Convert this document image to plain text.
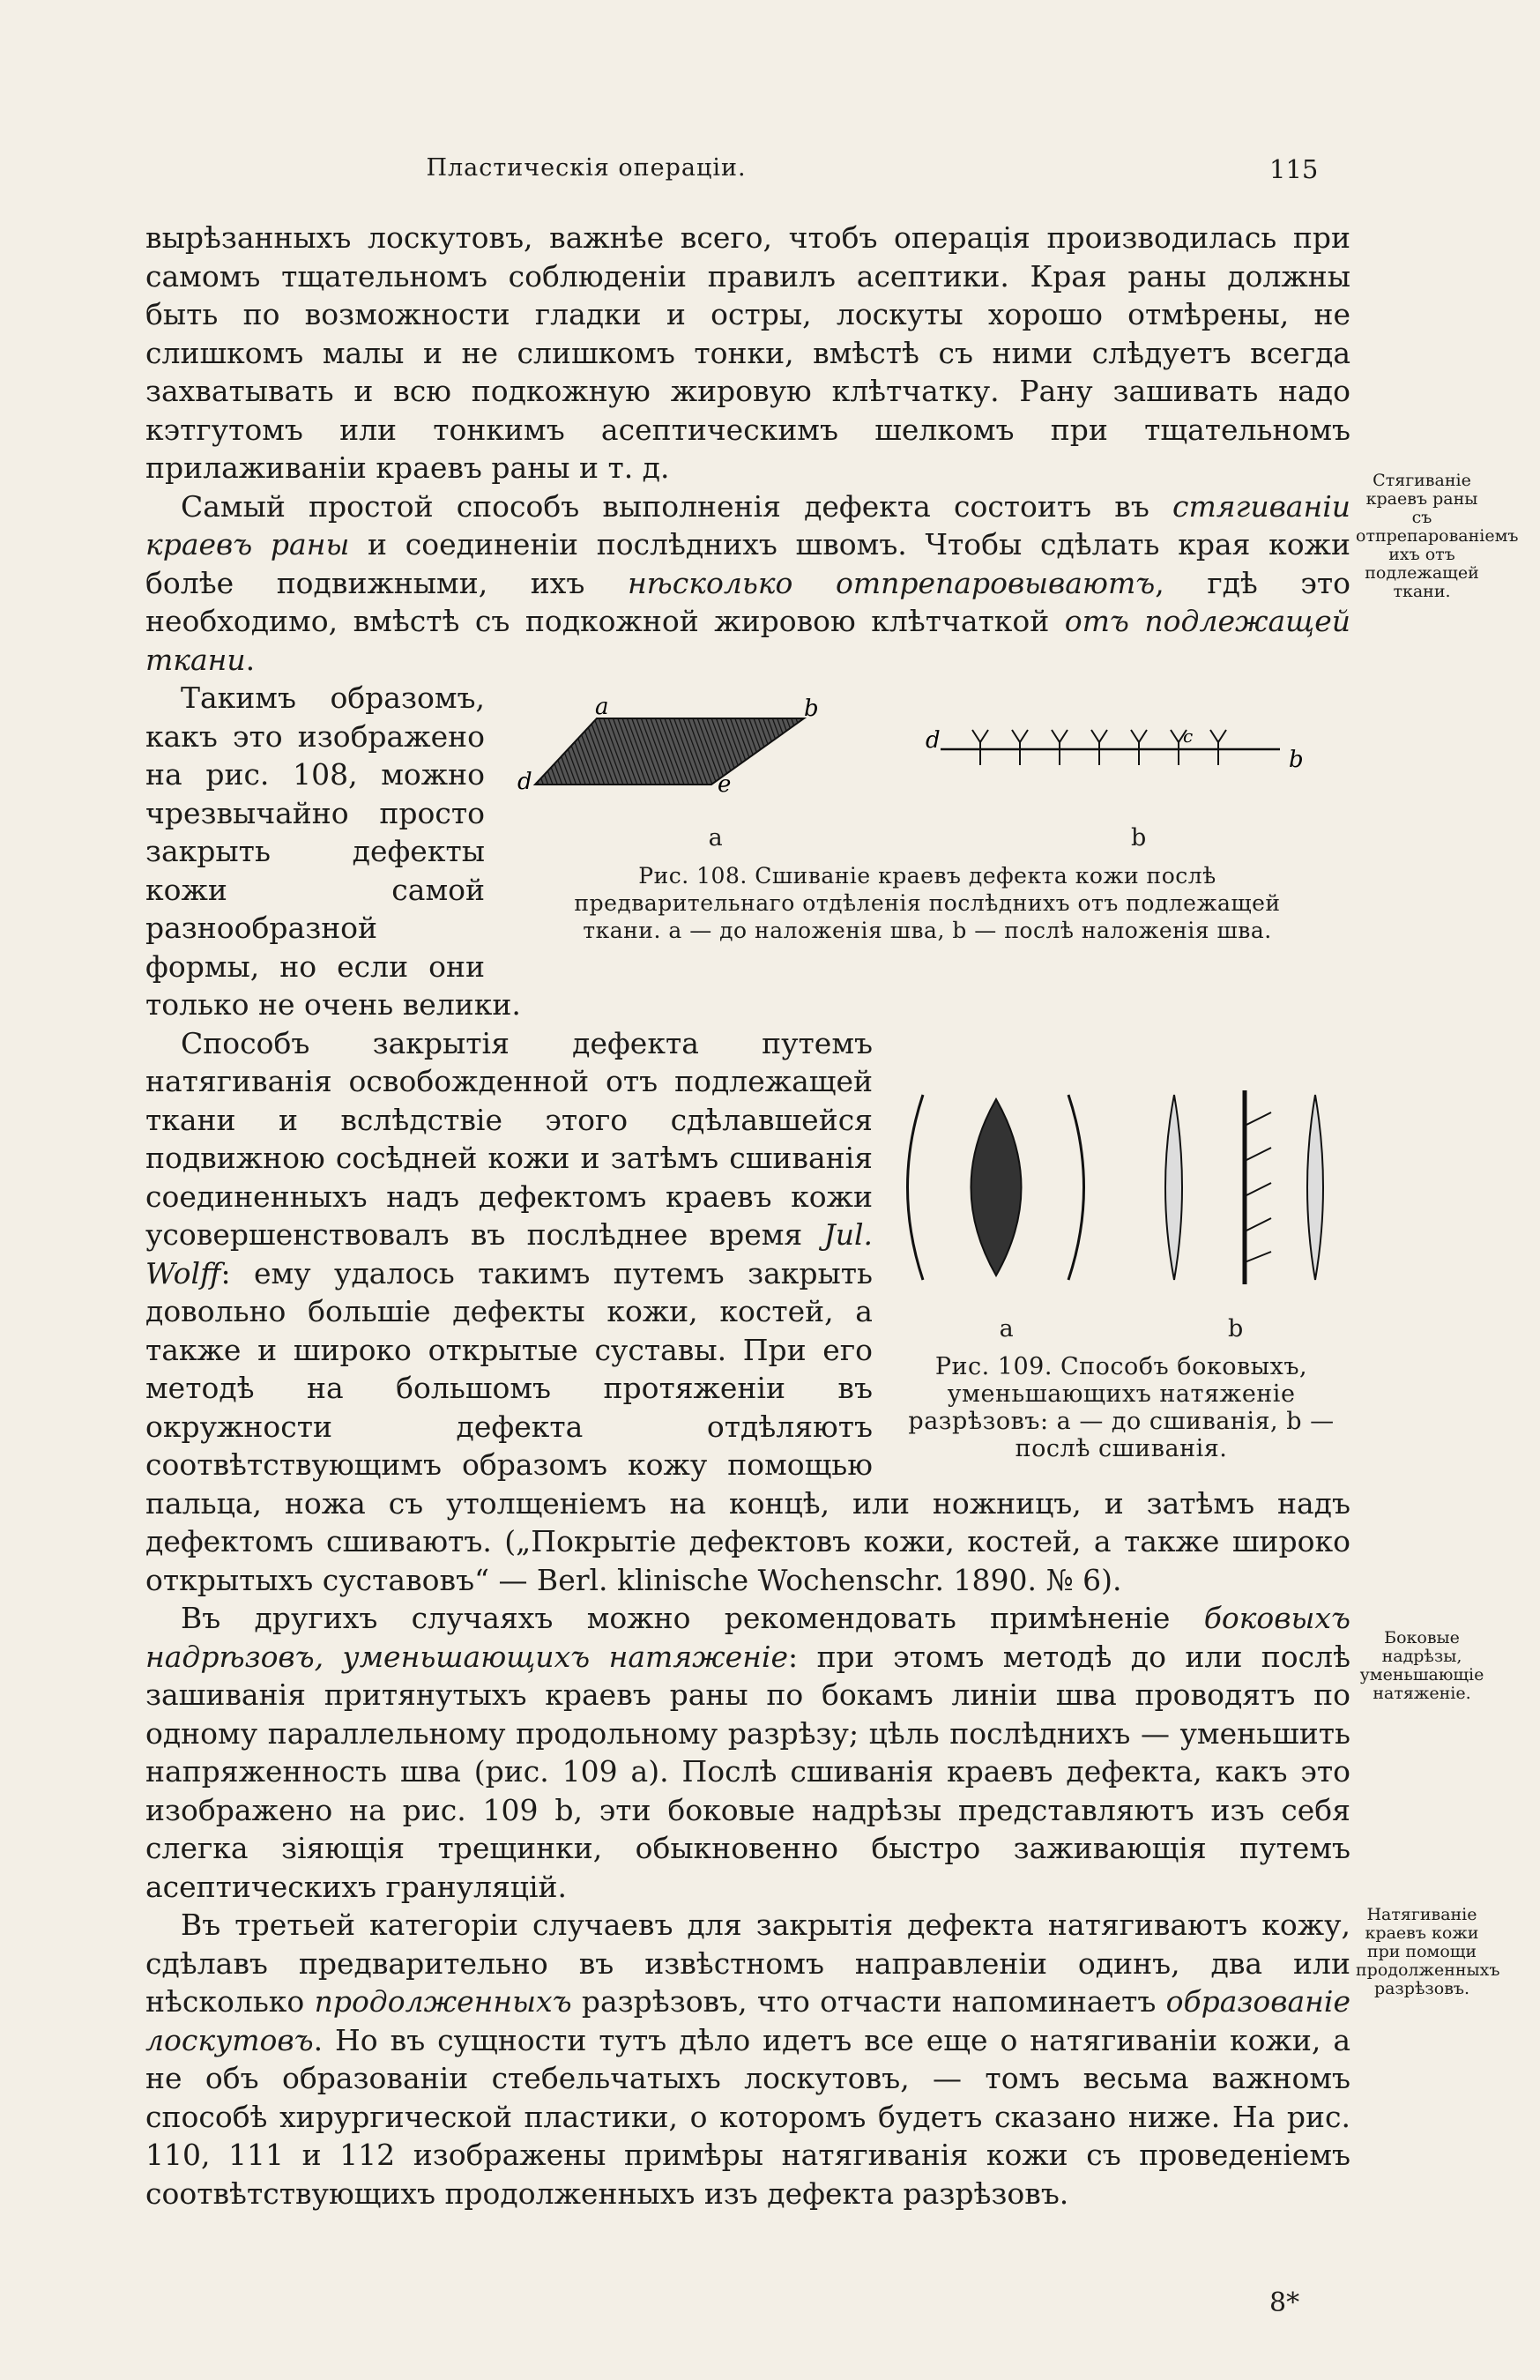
Пластическія операціи.	115

вырѣзанныхъ лоскутовъ, важнѣе всего, чтобъ операція производилась при самомъ тщательномъ соблюденіи правилъ асептики. Края раны должны быть по возможности гладки и остры, лоскуты хорошо отмѣрены, не слишкомъ малы и не слишкомъ тонки, вмѣстѣ съ ними слѣдуетъ всегда захватывать и всю подкожную жировую клѣтчатку. Рану зашивать надо кэтгутомъ или тонкимъ асептическимъ шелкомъ при тщательномъ прилаживаніи краевъ раны и т. д.

Самый простой способъ выполненія дефекта состоитъ въ стягиваніи краевъ раны и соединеніи послѣднихъ швомъ. Чтобы сдѣлать края кожи болѣе подвижными, ихъ нѣсколько отпрепаровываютъ, гдѣ это необходимо, вмѣстѣ съ подкожной жировою клѣтчаткой отъ подлежащей ткани.

a	b
d	e
d
b
c
a	b
Рис. 108. Сшиваніе краевъ дефекта кожи послѣ предварительнаго отдѣленія послѣднихъ отъ подлежащей ткани. a — до наложенія шва, b — послѣ наложенія шва.

Такимъ образомъ, какъ это изображено на рис. 108, можно чрезвычайно просто закрыть дефекты кожи самой разнообразной формы, но если они только не очень велики.

a	b
Рис. 109. Способъ боковыхъ, уменьшающихъ натяженіе разрѣзовъ: a — до сшиванія, b — послѣ сшиванія.
Способъ закрытія дефекта путемъ натягиванія освобожденной отъ подлежащей ткани и вслѣдствіе этого сдѣлавшейся подвижною сосѣдней кожи и затѣмъ сшиванія соединенныхъ надъ дефектомъ краевъ кожи усовершенствовалъ въ послѣднее время Jul. Wolff: ему удалось такимъ путемъ закрыть довольно большіе дефекты кожи, костей, а также и широко открытые суставы. При его методѣ на большомъ протяженіи въ окружности дефекта отдѣляютъ соотвѣтствующимъ образомъ кожу помощью пальца, ножа съ утолщеніемъ на концѣ, или ножницъ, и затѣмъ надъ дефектомъ сшиваютъ. („Покрытіе дефектовъ кожи, костей, а также широко открытыхъ суставовъ“ — Berl. klinische Wochenschr. 1890. № 6).

Въ другихъ случаяхъ можно рекомендовать примѣненіе боковыхъ надрѣзовъ, уменьшающихъ натяженіе: при этомъ методѣ до или послѣ зашиванія притянутыхъ краевъ раны по бокамъ линіи шва проводятъ по одному параллельному продольному разрѣзу; цѣль послѣднихъ — уменьшить напряженность шва (рис. 109 a). Послѣ сшиванія краевъ дефекта, какъ это изображено на рис. 109 b, эти боковые надрѣзы представляютъ изъ себя слегка зіяющія трещинки, обыкновенно быстро заживающія путемъ асептическихъ грануляцій.

Въ третьей категоріи случаевъ для закрытія дефекта натягиваютъ кожу, сдѣлавъ предварительно въ извѣстномъ направленіи одинъ, два или нѣсколько продолженныхъ разрѣзовъ, что отчасти напоминаетъ образованіе лоскутовъ. Но въ сущности тутъ дѣло идетъ все еще о натягиваніи кожи, а не объ образованіи стебельчатыхъ лоскутовъ, — томъ весьма важномъ способѣ хирургической пластики, о которомъ будетъ сказано ниже. На рис. 110, 111 и 112 изображены примѣры натягиванія кожи съ проведеніемъ соотвѣтствующихъ продолженныхъ изъ дефекта разрѣзовъ.

Стягиваніе краевъ раны съ отпрепарованіемъ ихъ отъ подлежащей ткани.
Боковые надрѣзы, уменьшающіе натяженіе.
Натягиваніе краевъ кожи при помощи продолженныхъ разрѣзовъ.
8*
